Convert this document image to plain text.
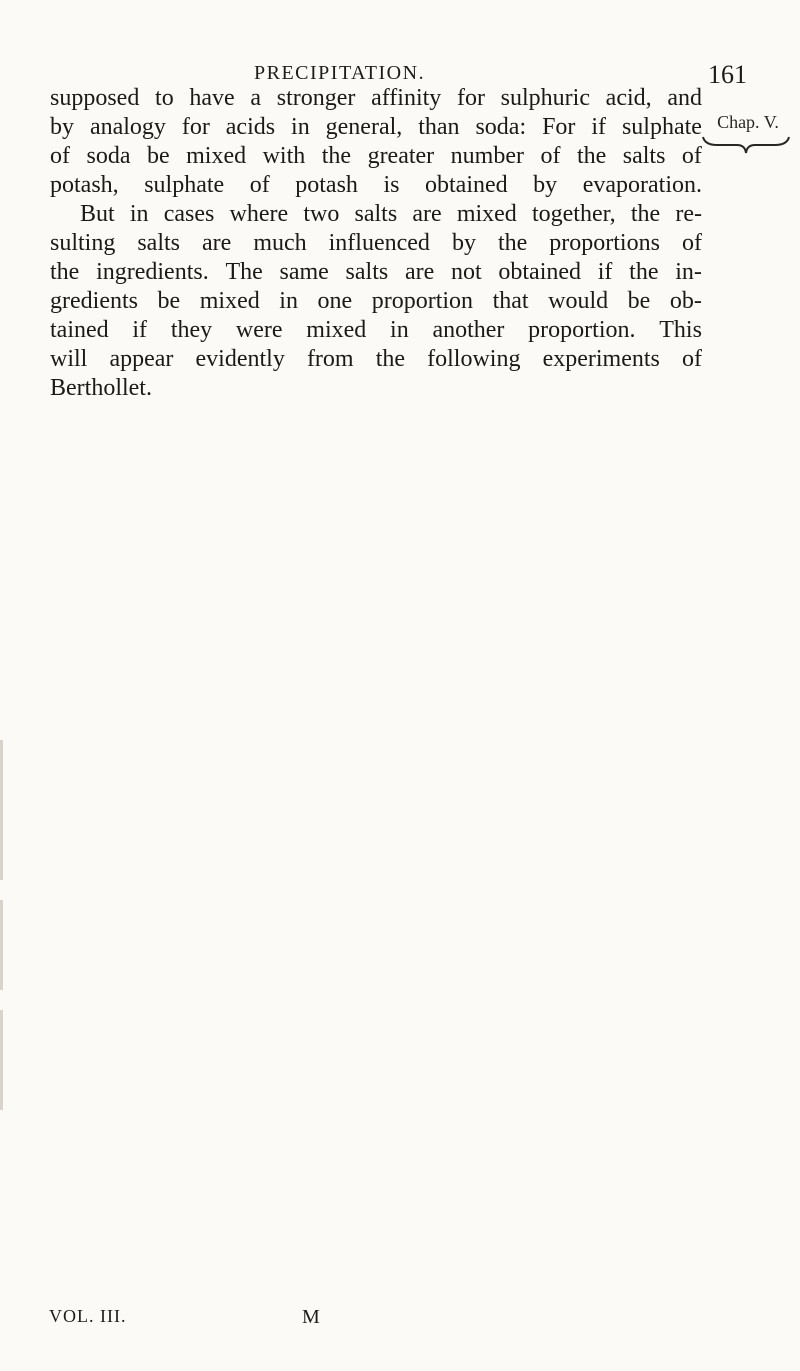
PRECIPITATION.	161
Chap. V.
supposed to have a stronger affinity for sulphuric acid, and
by analogy for acids in general, than soda: For if sulphate
of soda be mixed with the greater number of the salts of
potash, sulphate of potash is obtained by evaporation.
But in cases where two salts are mixed together, the re-
sulting salts are much influenced by the proportions of
the ingredients. The same salts are not obtained if the in-
gredients be mixed in one proportion that would be ob-
tained if they were mixed in another proportion. This
will appear evidently from the following experiments of
Berthollet.
VOL. III.	M
